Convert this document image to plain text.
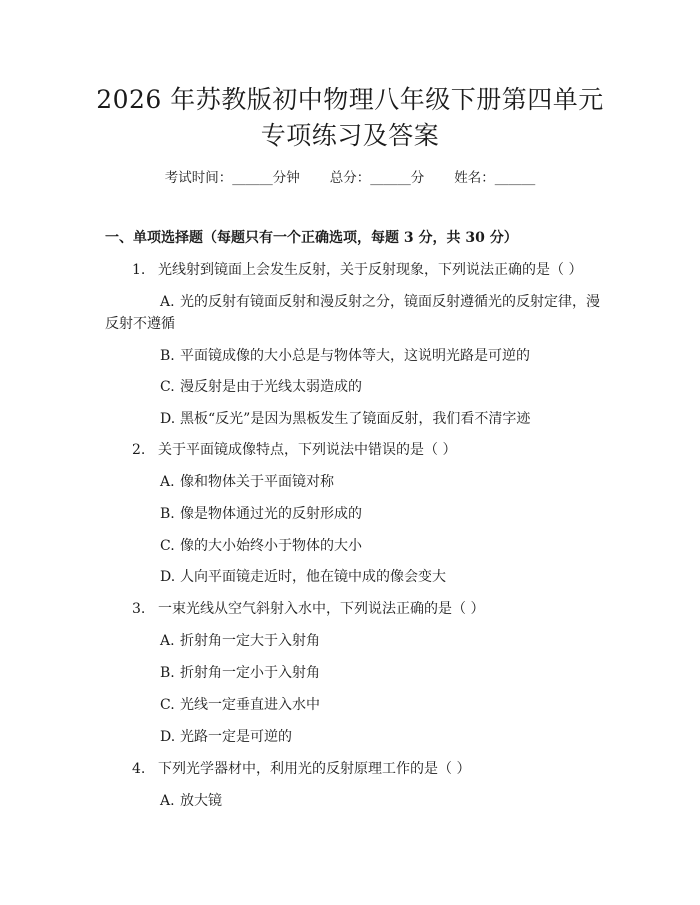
2026 年苏教版初中物理八年级下册第四单元
专项练习及答案
考试时间：______分钟 总分：______分 姓名：______
一、单项选择题（每题只有一个正确选项，每题 3 分，共 30 分）
1. 光线射到镜面上会发生反射，关于反射现象，下列说法正确的是（ ）
A. 光的反射有镜面反射和漫反射之分，镜面反射遵循光的反射定律，漫
反射不遵循
B. 平面镜成像的大小总是与物体等大，这说明光路是可逆的
C. 漫反射是由于光线太弱造成的
D. 黑板“反光”是因为黑板发生了镜面反射，我们看不清字迹
2. 关于平面镜成像特点，下列说法中错误的是（ ）
A. 像和物体关于平面镜对称
B. 像是物体通过光的反射形成的
C. 像的大小始终小于物体的大小
D. 人向平面镜走近时，他在镜中成的像会变大
3. 一束光线从空气斜射入水中，下列说法正确的是（ ）
A. 折射角一定大于入射角
B. 折射角一定小于入射角
C. 光线一定垂直进入水中
D. 光路一定是可逆的
4. 下列光学器材中，利用光的反射原理工作的是（ ）
A. 放大镜
